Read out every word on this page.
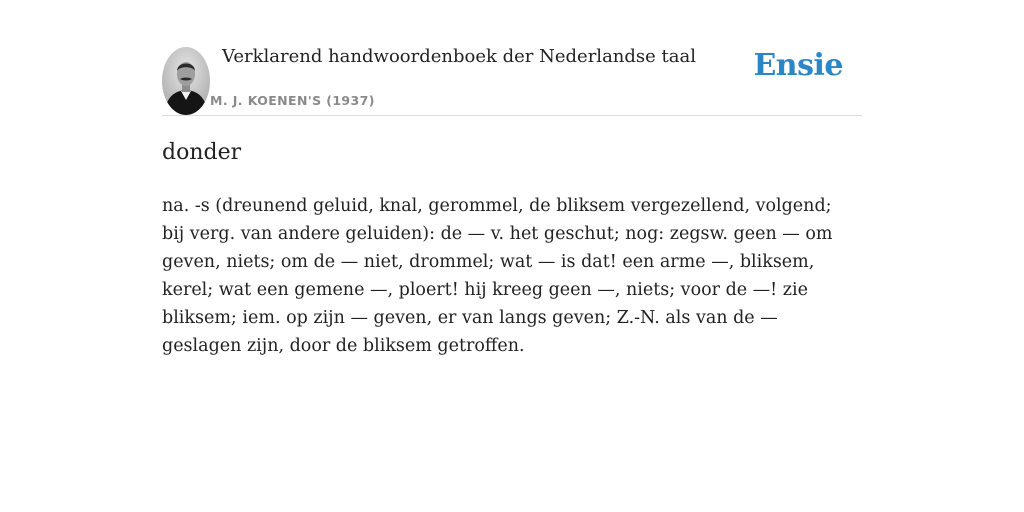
Verklarend handwoordenboek der Nederlandse taal
M. J. KOENEN'S (1937)
Ensie
donder

na. -s (dreunend geluid, knal, gerommel, de bliksem vergezellend, volgend; bij verg. van andere geluiden): de — v. het geschut; nog: zegsw. geen — om geven, niets; om de — niet, drommel; wat — is dat! een arme —, bliksem, kerel; wat een gemene —, ploert! hij kreeg geen —, niets; voor de —! zie bliksem; iem. op zijn — geven, er van langs geven; Z.-N. als van de — geslagen zijn, door de bliksem getroffen.
